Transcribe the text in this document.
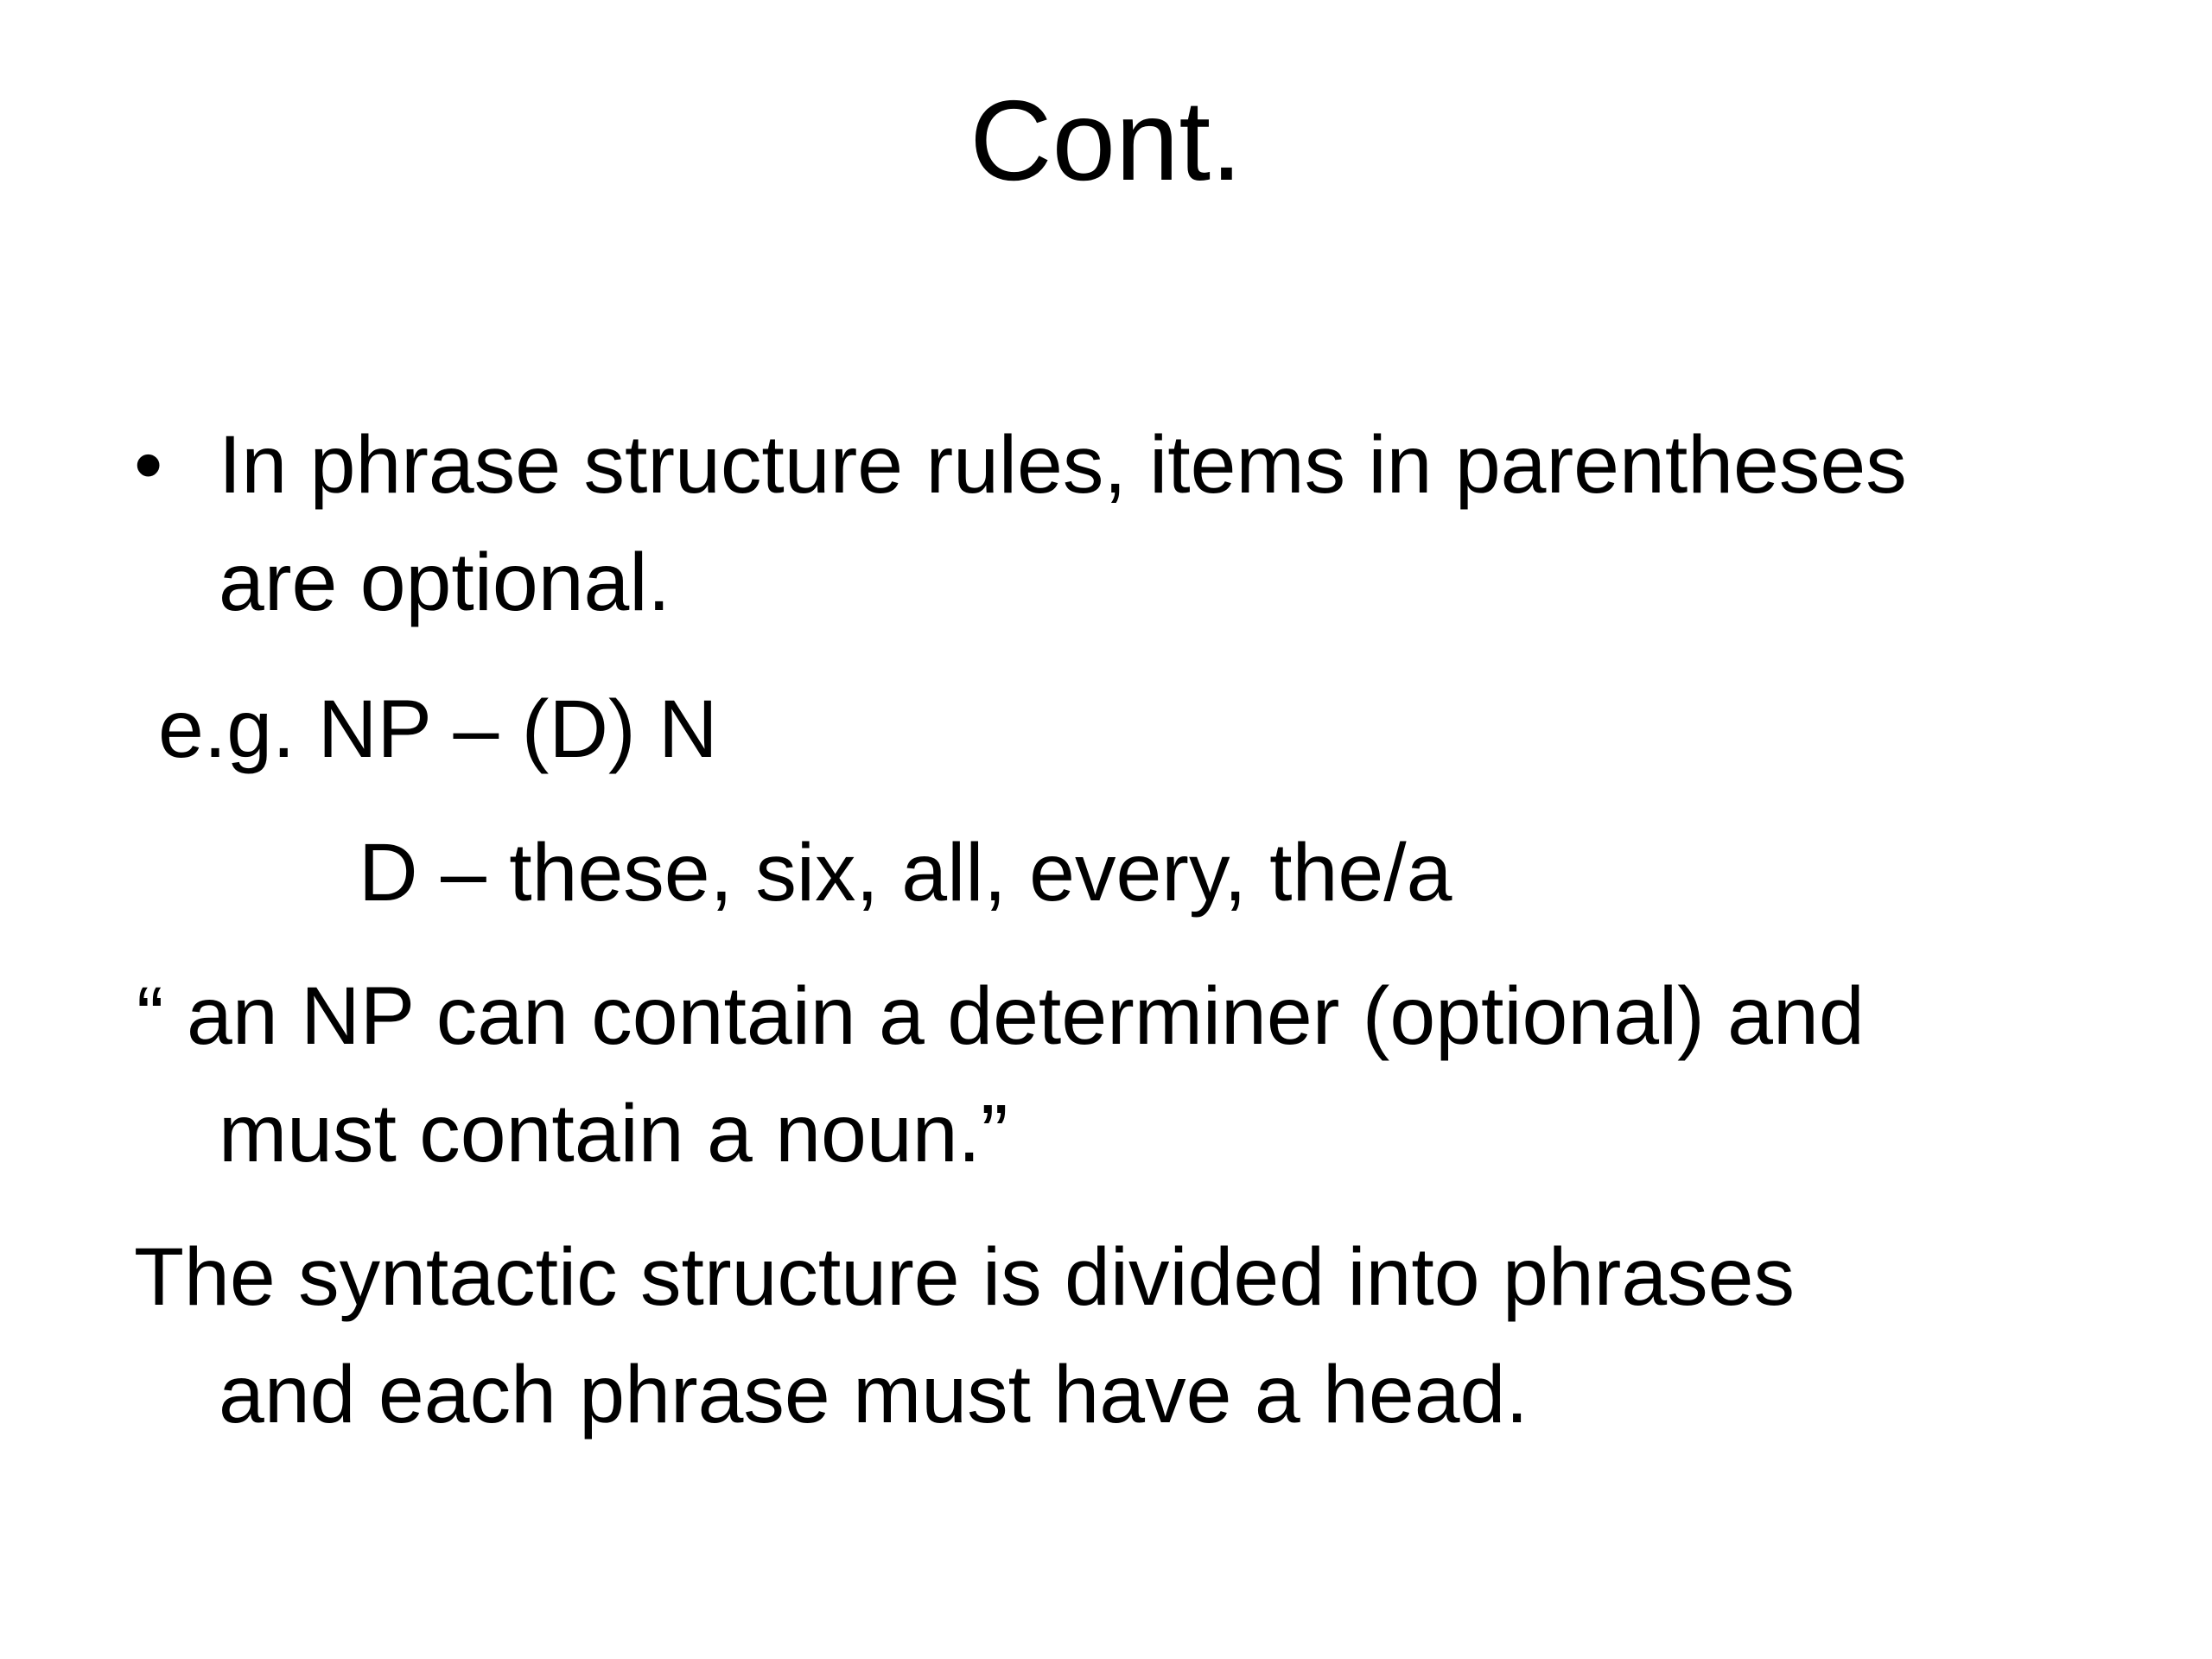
Cont.
• In phrase structure rules, items in parentheses
are optional.
e.g. NP – (D) N
D – these, six, all, every, the/a
“ an NP can contain a determiner (optional) and
must contain a noun.”
The syntactic structure is divided into phrases
and each phrase must have a head.
